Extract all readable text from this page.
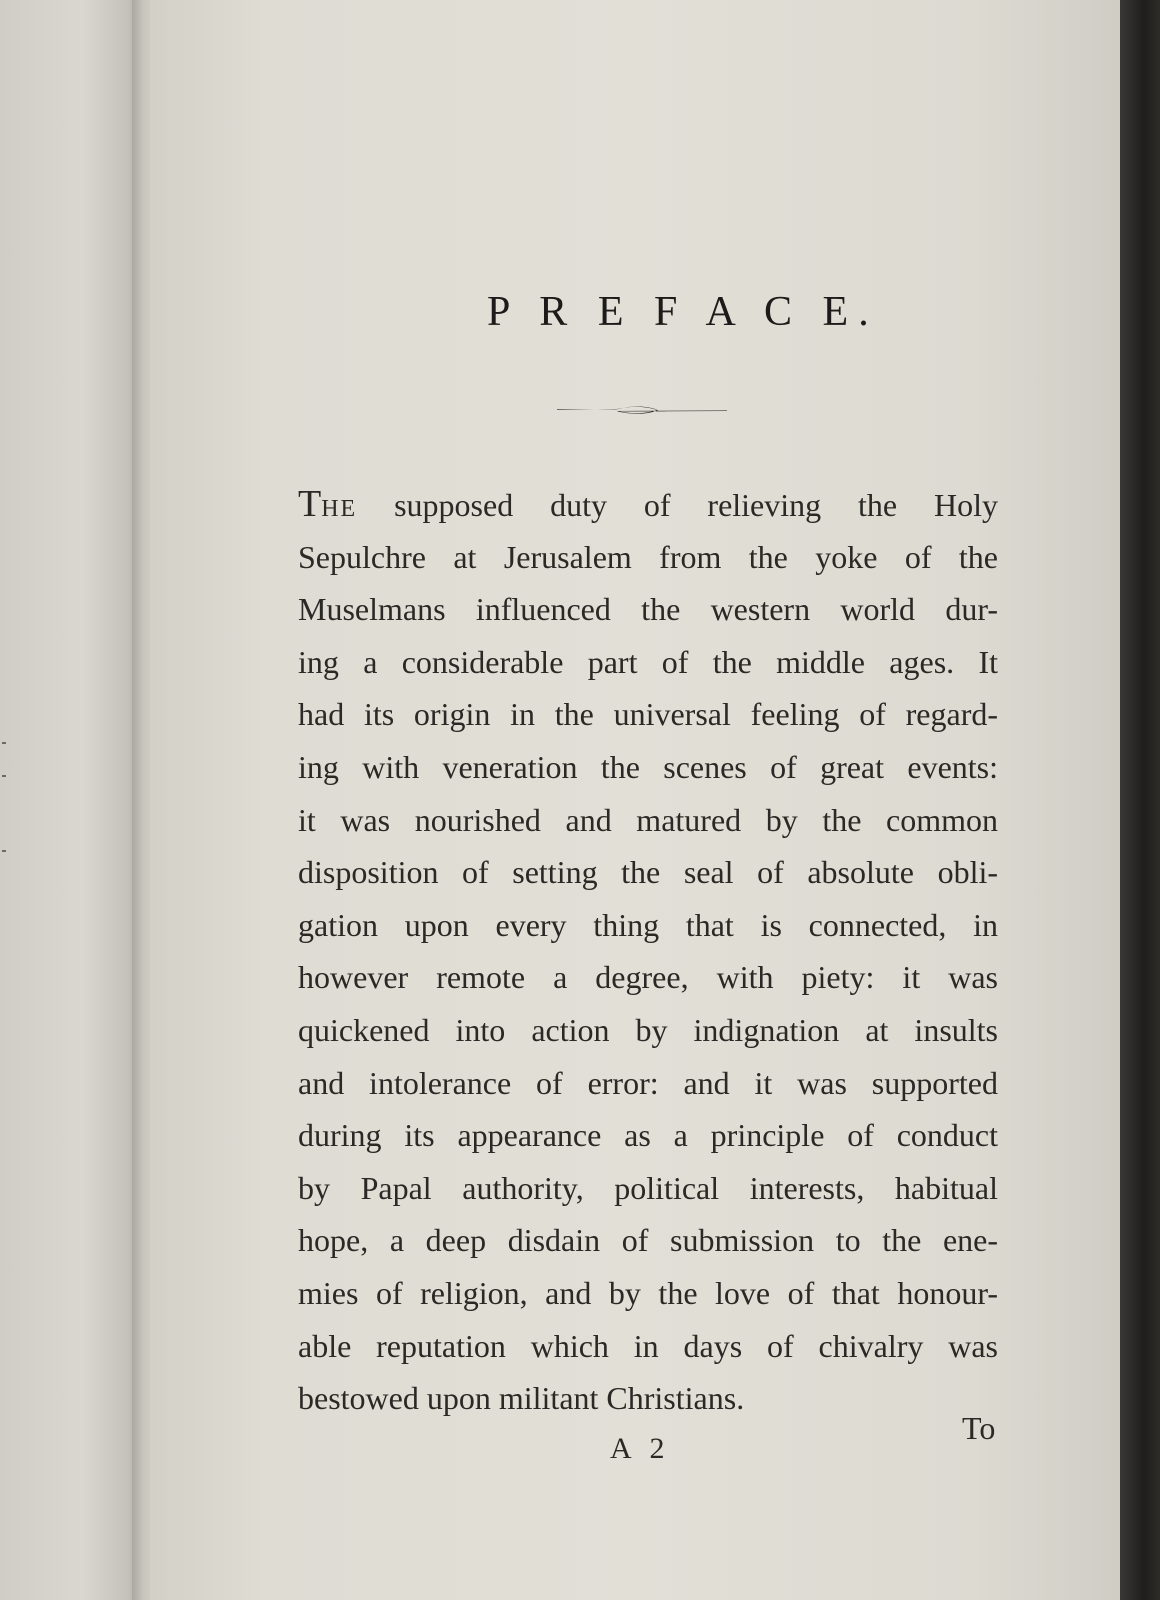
P R E F A C E.
THE supposed duty of relieving the Holy
Sepulchre at Jerusalem from the yoke of the
Muselmans influenced the western world dur-
ing a considerable part of the middle ages. It
had its origin in the universal feeling of regard-
ing with veneration the scenes of great events:
it was nourished and matured by the common
disposition of setting the seal of absolute obli-
gation upon every thing that is connected, in
however remote a degree, with piety: it was
quickened into action by indignation at insults
and intolerance of error: and it was supported
during its appearance as a principle of conduct
by Papal authority, political interests, habitual
hope, a deep disdain of submission to the ene-
mies of religion, and by the love of that honour-
able reputation which in days of chivalry was
bestowed upon militant Christians.
A 2
To
